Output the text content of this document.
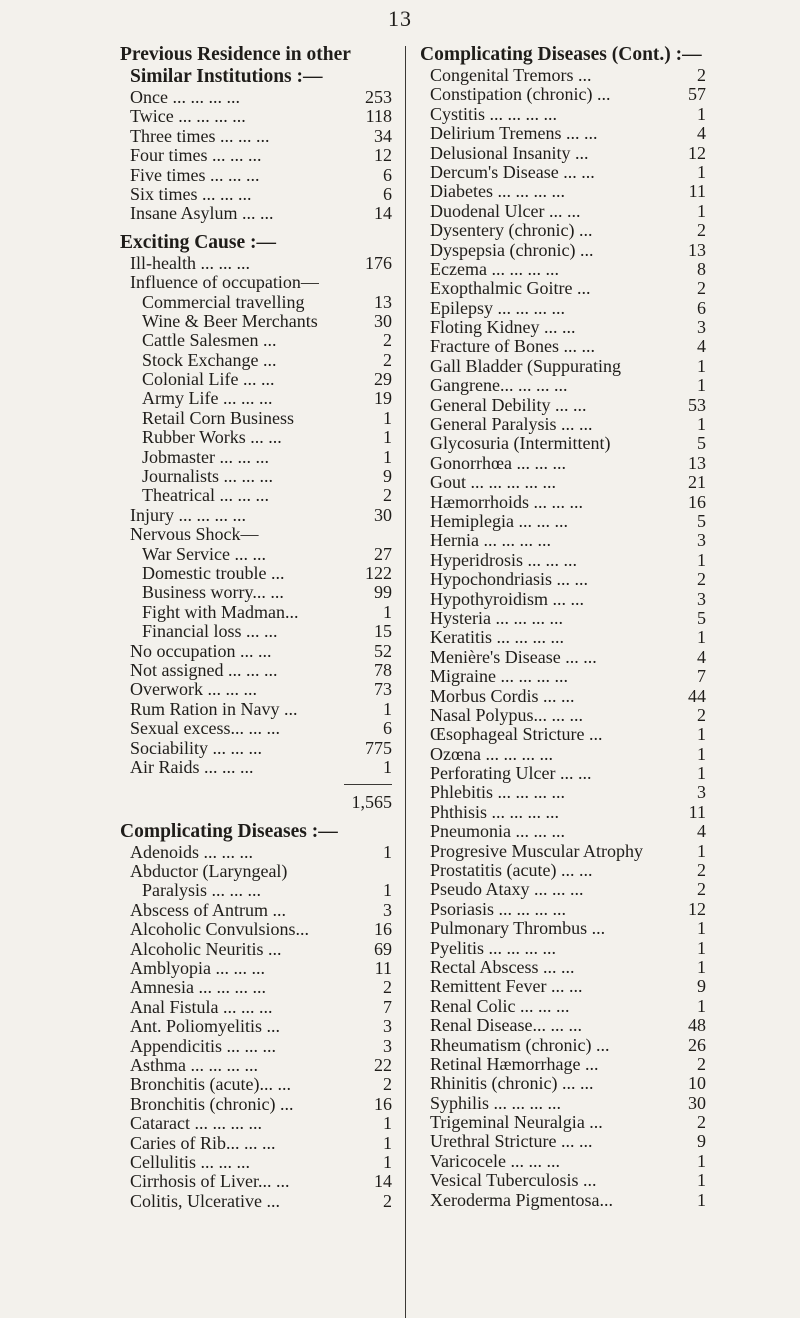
13
Previous Residence in other
Similar Institutions :—
Once ... ... ... ...	253
Twice ... ... ... ...	118
Three times ... ... ...	34
Four times ... ... ...	12
Five times ... ... ...	6
Six times ... ... ...	6
Insane Asylum ... ...	14
Exciting Cause :—
Ill-health ... ... ...	176
Influence of occupation—
Commercial travelling	13
Wine & Beer Merchants	30
Cattle Salesmen ...	2
Stock Exchange ...	2
Colonial Life ... ...	29
Army Life ... ... ...	19
Retail Corn Business	1
Rubber Works ... ...	1
Jobmaster ... ... ...	1
Journalists ... ... ...	9
Theatrical ... ... ...	2
Injury ... ... ... ...	30
Nervous Shock—
War Service ... ...	27
Domestic trouble ...	122
Business worry... ...	99
Fight with Madman...	1
Financial loss ... ...	15
No occupation ... ...	52
Not assigned ... ... ...	78
Overwork ... ... ...	73
Rum Ration in Navy ...	1
Sexual excess... ... ...	6
Sociability ... ... ...	775
Air Raids ... ... ...	1
1,565
Complicating Diseases :—
Adenoids ... ... ...	1
Abductor (Laryngeal)
Paralysis ... ... ...	1
Abscess of Antrum ...	3
Alcoholic Convulsions...	16
Alcoholic Neuritis ...	69
Amblyopia ... ... ...	11
Amnesia ... ... ... ...	2
Anal Fistula ... ... ...	7
Ant. Poliomyelitis ...	3
Appendicitis ... ... ...	3
Asthma ... ... ... ...	22
Bronchitis (acute)... ...	2
Bronchitis (chronic) ...	16
Cataract ... ... ... ...	1
Caries of Rib... ... ...	1
Cellulitis ... ... ...	1
Cirrhosis of Liver... ...	14
Colitis, Ulcerative ...	2
Complicating Diseases (Cont.) :—
Congenital Tremors ...	2
Constipation (chronic) ...	57
Cystitis ... ... ... ...	1
Delirium Tremens ... ...	4
Delusional Insanity ...	12
Dercum's Disease ... ...	1
Diabetes ... ... ... ...	11
Duodenal Ulcer ... ...	1
Dysentery (chronic) ...	2
Dyspepsia (chronic) ...	13
Eczema ... ... ... ...	8
Exopthalmic Goitre ...	2
Epilepsy ... ... ... ...	6
Floting Kidney ... ...	3
Fracture of Bones ... ...	4
Gall Bladder (Suppurating	1
Gangrene... ... ... ...	1
General Debility ... ...	53
General Paralysis ... ...	1
Glycosuria (Intermittent)	5
Gonorrhœa ... ... ...	13
Gout ... ... ... ... ...	21
Hæmorrhoids ... ... ...	16
Hemiplegia ... ... ...	5
Hernia ... ... ... ...	3
Hyperidrosis ... ... ...	1
Hypochondriasis ... ...	2
Hypothyroidism ... ...	3
Hysteria ... ... ... ...	5
Keratitis ... ... ... ...	1
Menière's Disease ... ...	4
Migraine ... ... ... ...	7
Morbus Cordis ... ...	44
Nasal Polypus... ... ...	2
Œsophageal Stricture ...	1
Ozœna ... ... ... ...	1
Perforating Ulcer ... ...	1
Phlebitis ... ... ... ...	3
Phthisis ... ... ... ...	11
Pneumonia ... ... ...	4
Progresive Muscular Atrophy	1
Prostatitis (acute) ... ...	2
Pseudo Ataxy ... ... ...	2
Psoriasis ... ... ... ...	12
Pulmonary Thrombus ...	1
Pyelitis ... ... ... ...	1
Rectal Abscess ... ...	1
Remittent Fever ... ...	9
Renal Colic ... ... ...	1
Renal Disease... ... ...	48
Rheumatism (chronic) ...	26
Retinal Hæmorrhage ...	2
Rhinitis (chronic) ... ...	10
Syphilis ... ... ... ...	30
Trigeminal Neuralgia ...	2
Urethral Stricture ... ...	9
Varicocele ... ... ...	1
Vesical Tuberculosis ...	1
Xeroderma Pigmentosa...	1
